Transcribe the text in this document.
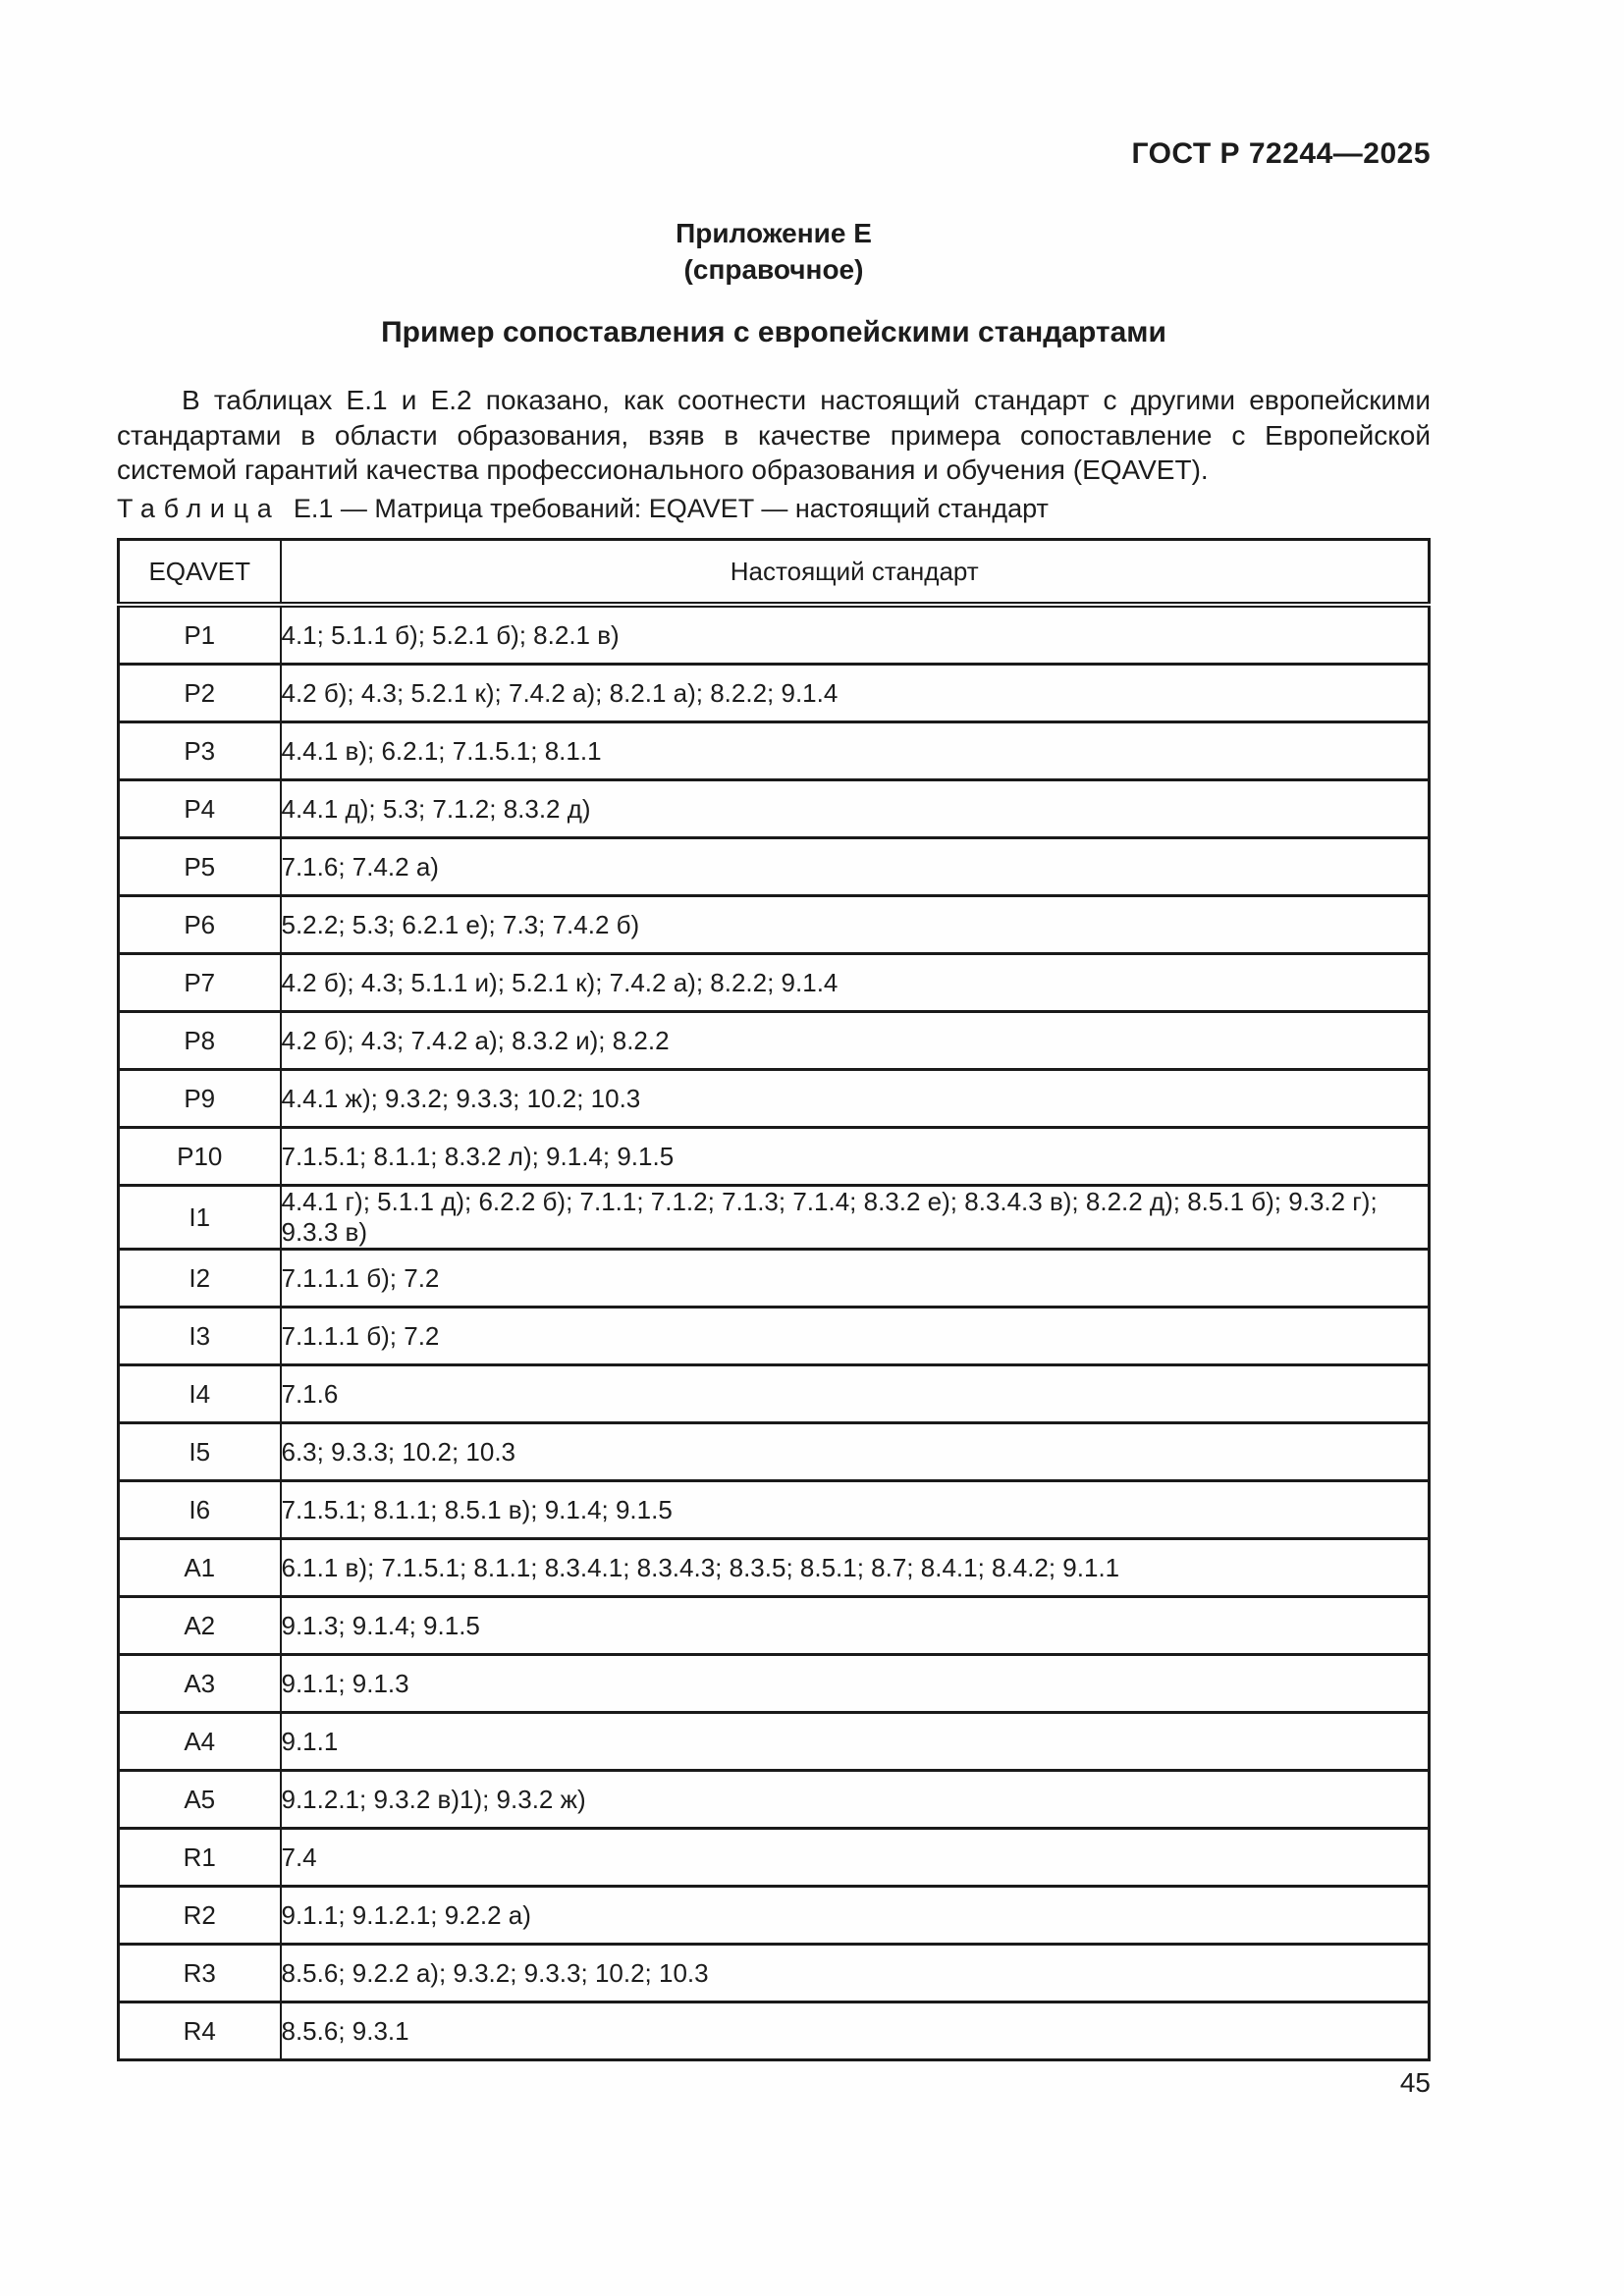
ГОСТ Р 72244—2025
Приложение Е
(справочное)
Пример сопоставления с европейскими стандартами

В таблицах Е.1 и Е.2 показано, как соотнести настоящий стандарт с другими европейскими стандартами в области образования, взяв в качестве примера сопоставление с Европейской системой гарантий качества профессионального образования и обучения (EQAVET).

Таблица Е.1 — Матрица требований: EQAVET — настоящий стандарт

EQAVET	Настоящий стандарт
P1	4.1; 5.1.1 б); 5.2.1 б); 8.2.1 в)
P2	4.2 б); 4.3; 5.2.1 к); 7.4.2 а); 8.2.1 а); 8.2.2; 9.1.4
P3	4.4.1 в); 6.2.1; 7.1.5.1; 8.1.1
P4	4.4.1 д); 5.3; 7.1.2; 8.3.2 д)
P5	7.1.6; 7.4.2 а)
P6	5.2.2; 5.3; 6.2.1 е); 7.3; 7.4.2 б)
P7	4.2 б); 4.3; 5.1.1 и); 5.2.1 к); 7.4.2 а); 8.2.2; 9.1.4
P8	4.2 б); 4.3; 7.4.2 а); 8.3.2 и); 8.2.2
P9	4.4.1 ж); 9.3.2; 9.3.3; 10.2; 10.3
P10	7.1.5.1; 8.1.1; 8.3.2 л); 9.1.4; 9.1.5
I1	4.4.1 г); 5.1.1 д); 6.2.2 б); 7.1.1; 7.1.2; 7.1.3; 7.1.4; 8.3.2 е); 8.3.4.3 в); 8.2.2 д); 8.5.1 б); 9.3.2 г); 9.3.3 в)
I2	7.1.1.1 б); 7.2
I3	7.1.1.1 б); 7.2
I4	7.1.6
I5	6.3; 9.3.3; 10.2; 10.3
I6	7.1.5.1; 8.1.1; 8.5.1 в); 9.1.4; 9.1.5
A1	6.1.1 в); 7.1.5.1; 8.1.1; 8.3.4.1; 8.3.4.3; 8.3.5; 8.5.1; 8.7; 8.4.1; 8.4.2; 9.1.1
A2	9.1.3; 9.1.4; 9.1.5
A3	9.1.1; 9.1.3
A4	9.1.1
A5	9.1.2.1; 9.3.2 в)1); 9.3.2 ж)
R1	7.4
R2	9.1.1; 9.1.2.1; 9.2.2 а)
R3	8.5.6; 9.2.2 а); 9.3.2; 9.3.3; 10.2; 10.3
R4	8.5.6; 9.3.1
45
